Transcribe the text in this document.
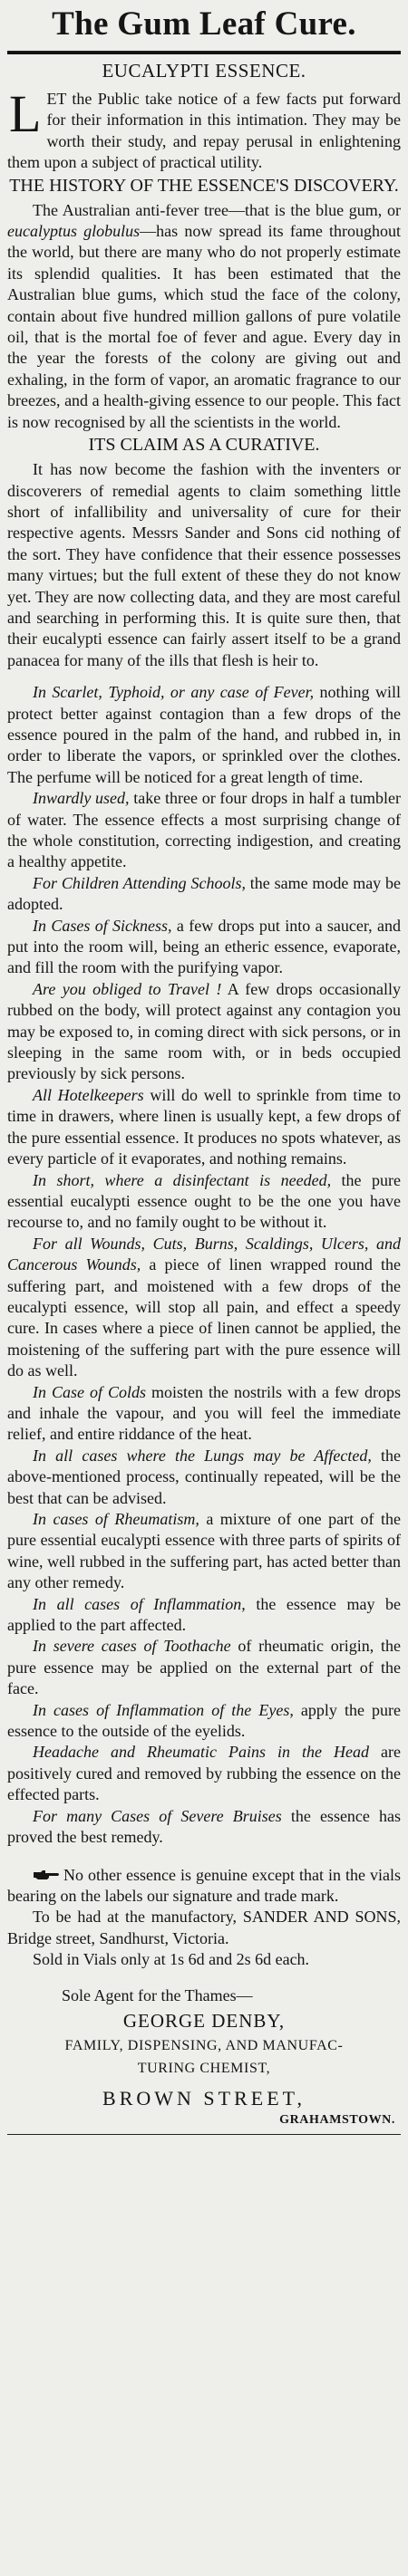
The Gum Leaf Cure.
EUCALYPTI ESSENCE.
L ET the Public take notice of a few facts put forward for their information in this intimation. They may be worth their study, and repay perusal in enlightening them upon a subject of practical utility.

THE HISTORY OF THE ESSENCE'S DISCOVERY.

The Australian anti-fever tree—that is the blue gum, or eucalyptus globulus—has now spread its fame throughout the world, but there are many who do not properly estimate its splendid qualities. It has been estimated that the Australian blue gums, which stud the face of the colony, contain about five hundred million gallons of pure volatile oil, that is the mortal foe of fever and ague. Every day in the year the forests of the colony are giving out and exhaling, in the form of vapor, an aromatic fragrance to our breezes, and a health-giving essence to our people. This fact is now recognised by all the scientists in the world.

ITS CLAIM AS A CURATIVE.

It has now become the fashion with the inventers or discoverers of remedial agents to claim something little short of infallibility and universality of cure for their respective agents. Messrs Sander and Sons cid nothing of the sort. They have confidence that their essence possesses many virtues; but the full extent of these they do not know yet. They are now collecting data, and they are most careful and searching in performing this. It is quite sure then, that their eucalypti essence can fairly assert itself to be a grand panacea for many of the ills that flesh is heir to.

In Scarlet, Typhoid, or any case of Fever, nothing will protect better against contagion than a few drops of the essence poured in the palm of the hand, and rubbed in, in order to liberate the vapors, or sprinkled over the clothes. The perfume will be noticed for a great length of time.

Inwardly used, take three or four drops in half a tumbler of water. The essence effects a most surprising change of the whole constitution, correcting indigestion, and creating a healthy appetite.

For Children Attending Schools, the same mode may be adopted.

In Cases of Sickness, a few drops put into a saucer, and put into the room will, being an etheric essence, evaporate, and fill the room with the purifying vapor.

Are you obliged to Travel ! A few drops occasionally rubbed on the body, will protect against any contagion you may be exposed to, in coming direct with sick persons, or in sleeping in the same room with, or in beds occupied previously by sick persons.

All Hotelkeepers will do well to sprinkle from time to time in drawers, where linen is usually kept, a few drops of the pure essential essence. It produces no spots whatever, as every particle of it evaporates, and nothing remains.

In short, where a disinfectant is needed, the pure essential eucalypti essence ought to be the one you have recourse to, and no family ought to be without it.

For all Wounds, Cuts, Burns, Scaldings, Ulcers, and Cancerous Wounds, a piece of linen wrapped round the suffering part, and moistened with a few drops of the eucalypti essence, will stop all pain, and effect a speedy cure. In cases where a piece of linen cannot be applied, the moistening of the suffering part with the pure essence will do as well.

In Case of Colds moisten the nostrils with a few drops and inhale the vapour, and you will feel the immediate relief, and entire riddance of the heat.

In all cases where the Lungs may be Affected, the above-mentioned process, continually repeated, will be the best that can be advised.

In cases of Rheumatism, a mixture of one part of the pure essential eucalypti essence with three parts of spirits of wine, well rubbed in the suffering part, has acted better than any other remedy.

In all cases of Inflammation, the essence may be applied to the part affected.

In severe cases of Toothache of rheumatic origin, the pure essence may be applied on the external part of the face.

In cases of Inflammation of the Eyes, apply the pure essence to the outside of the eyelids.

Headache and Rheumatic Pains in the Head are positively cured and removed by rubbing the essence on the effected parts.

For many Cases of Severe Bruises the essence has proved the best remedy.

No other essence is genuine except that in the vials bearing on the labels our signature and trade mark.

To be had at the manufactory, SANDER AND SONS, Bridge street, Sandhurst, Victoria.

Sold in Vials only at 1s 6d and 2s 6d each.

Sole Agent for the Thames—
GEORGE DENBY,
FAMILY, DISPENSING, AND MANUFAC-
TURING CHEMIST,
BROWN STREET,
GRAHAMSTOWN.
